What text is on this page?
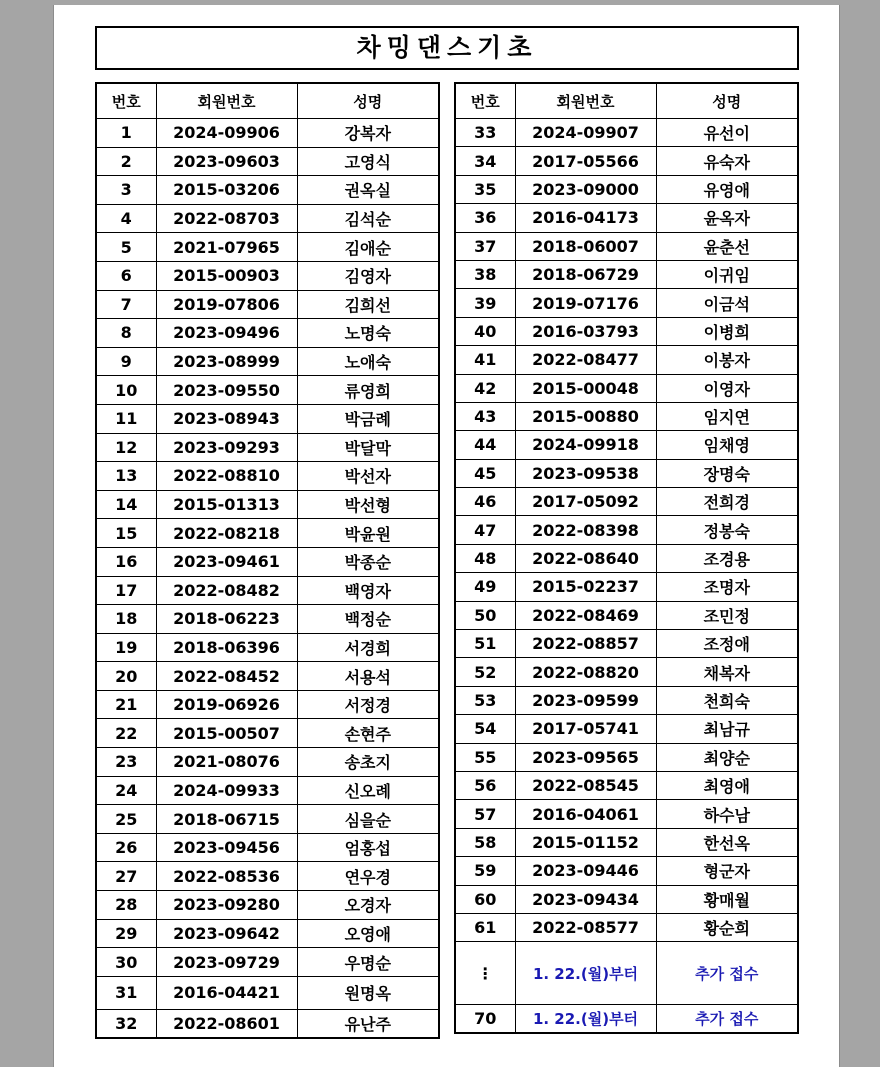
차밍댄스기초
번호	회원번호	성명
1	2024-09906	강복자
2	2023-09603	고영식
3	2015-03206	권옥실
4	2022-08703	김석순
5	2021-07965	김애순
6	2015-00903	김영자
7	2019-07806	김희선
8	2023-09496	노명숙
9	2023-08999	노애숙
10	2023-09550	류영희
11	2023-08943	박금례
12	2023-09293	박달막
13	2022-08810	박선자
14	2015-01313	박선형
15	2022-08218	박윤원
16	2023-09461	박종순
17	2022-08482	백영자
18	2018-06223	백정순
19	2018-06396	서경희
20	2022-08452	서용석
21	2019-06926	서정경
22	2015-00507	손현주
23	2021-08076	송초지
24	2024-09933	신오례
25	2018-06715	심을순
26	2023-09456	엄홍섭
27	2022-08536	연우경
28	2023-09280	오경자
29	2023-09642	오영애
30	2023-09729	우명순
31	2016-04421	원명옥
32	2022-08601	유난주
번호	회원번호	성명
33	2024-09907	유선이
34	2017-05566	유숙자
35	2023-09000	유영애
36	2016-04173	윤옥자
37	2018-06007	윤춘선
38	2018-06729	이귀임
39	2019-07176	이금석
40	2016-03793	이병희
41	2022-08477	이봉자
42	2015-00048	이영자
43	2015-00880	임지연
44	2024-09918	임채영
45	2023-09538	장명숙
46	2017-05092	전희경
47	2022-08398	정봉숙
48	2022-08640	조경용
49	2015-02237	조명자
50	2022-08469	조민정
51	2022-08857	조정애
52	2022-08820	채복자
53	2023-09599	천희숙
54	2017-05741	최남규
55	2023-09565	최양순
56	2022-08545	최영애
57	2016-04061	하수남
58	2015-01152	한선옥
59	2023-09446	형군자
60	2023-09434	황매월
61	2022-08577	황순희
⋮	1. 22.(월)부터	추가 접수
70	1. 22.(월)부터	추가 접수
